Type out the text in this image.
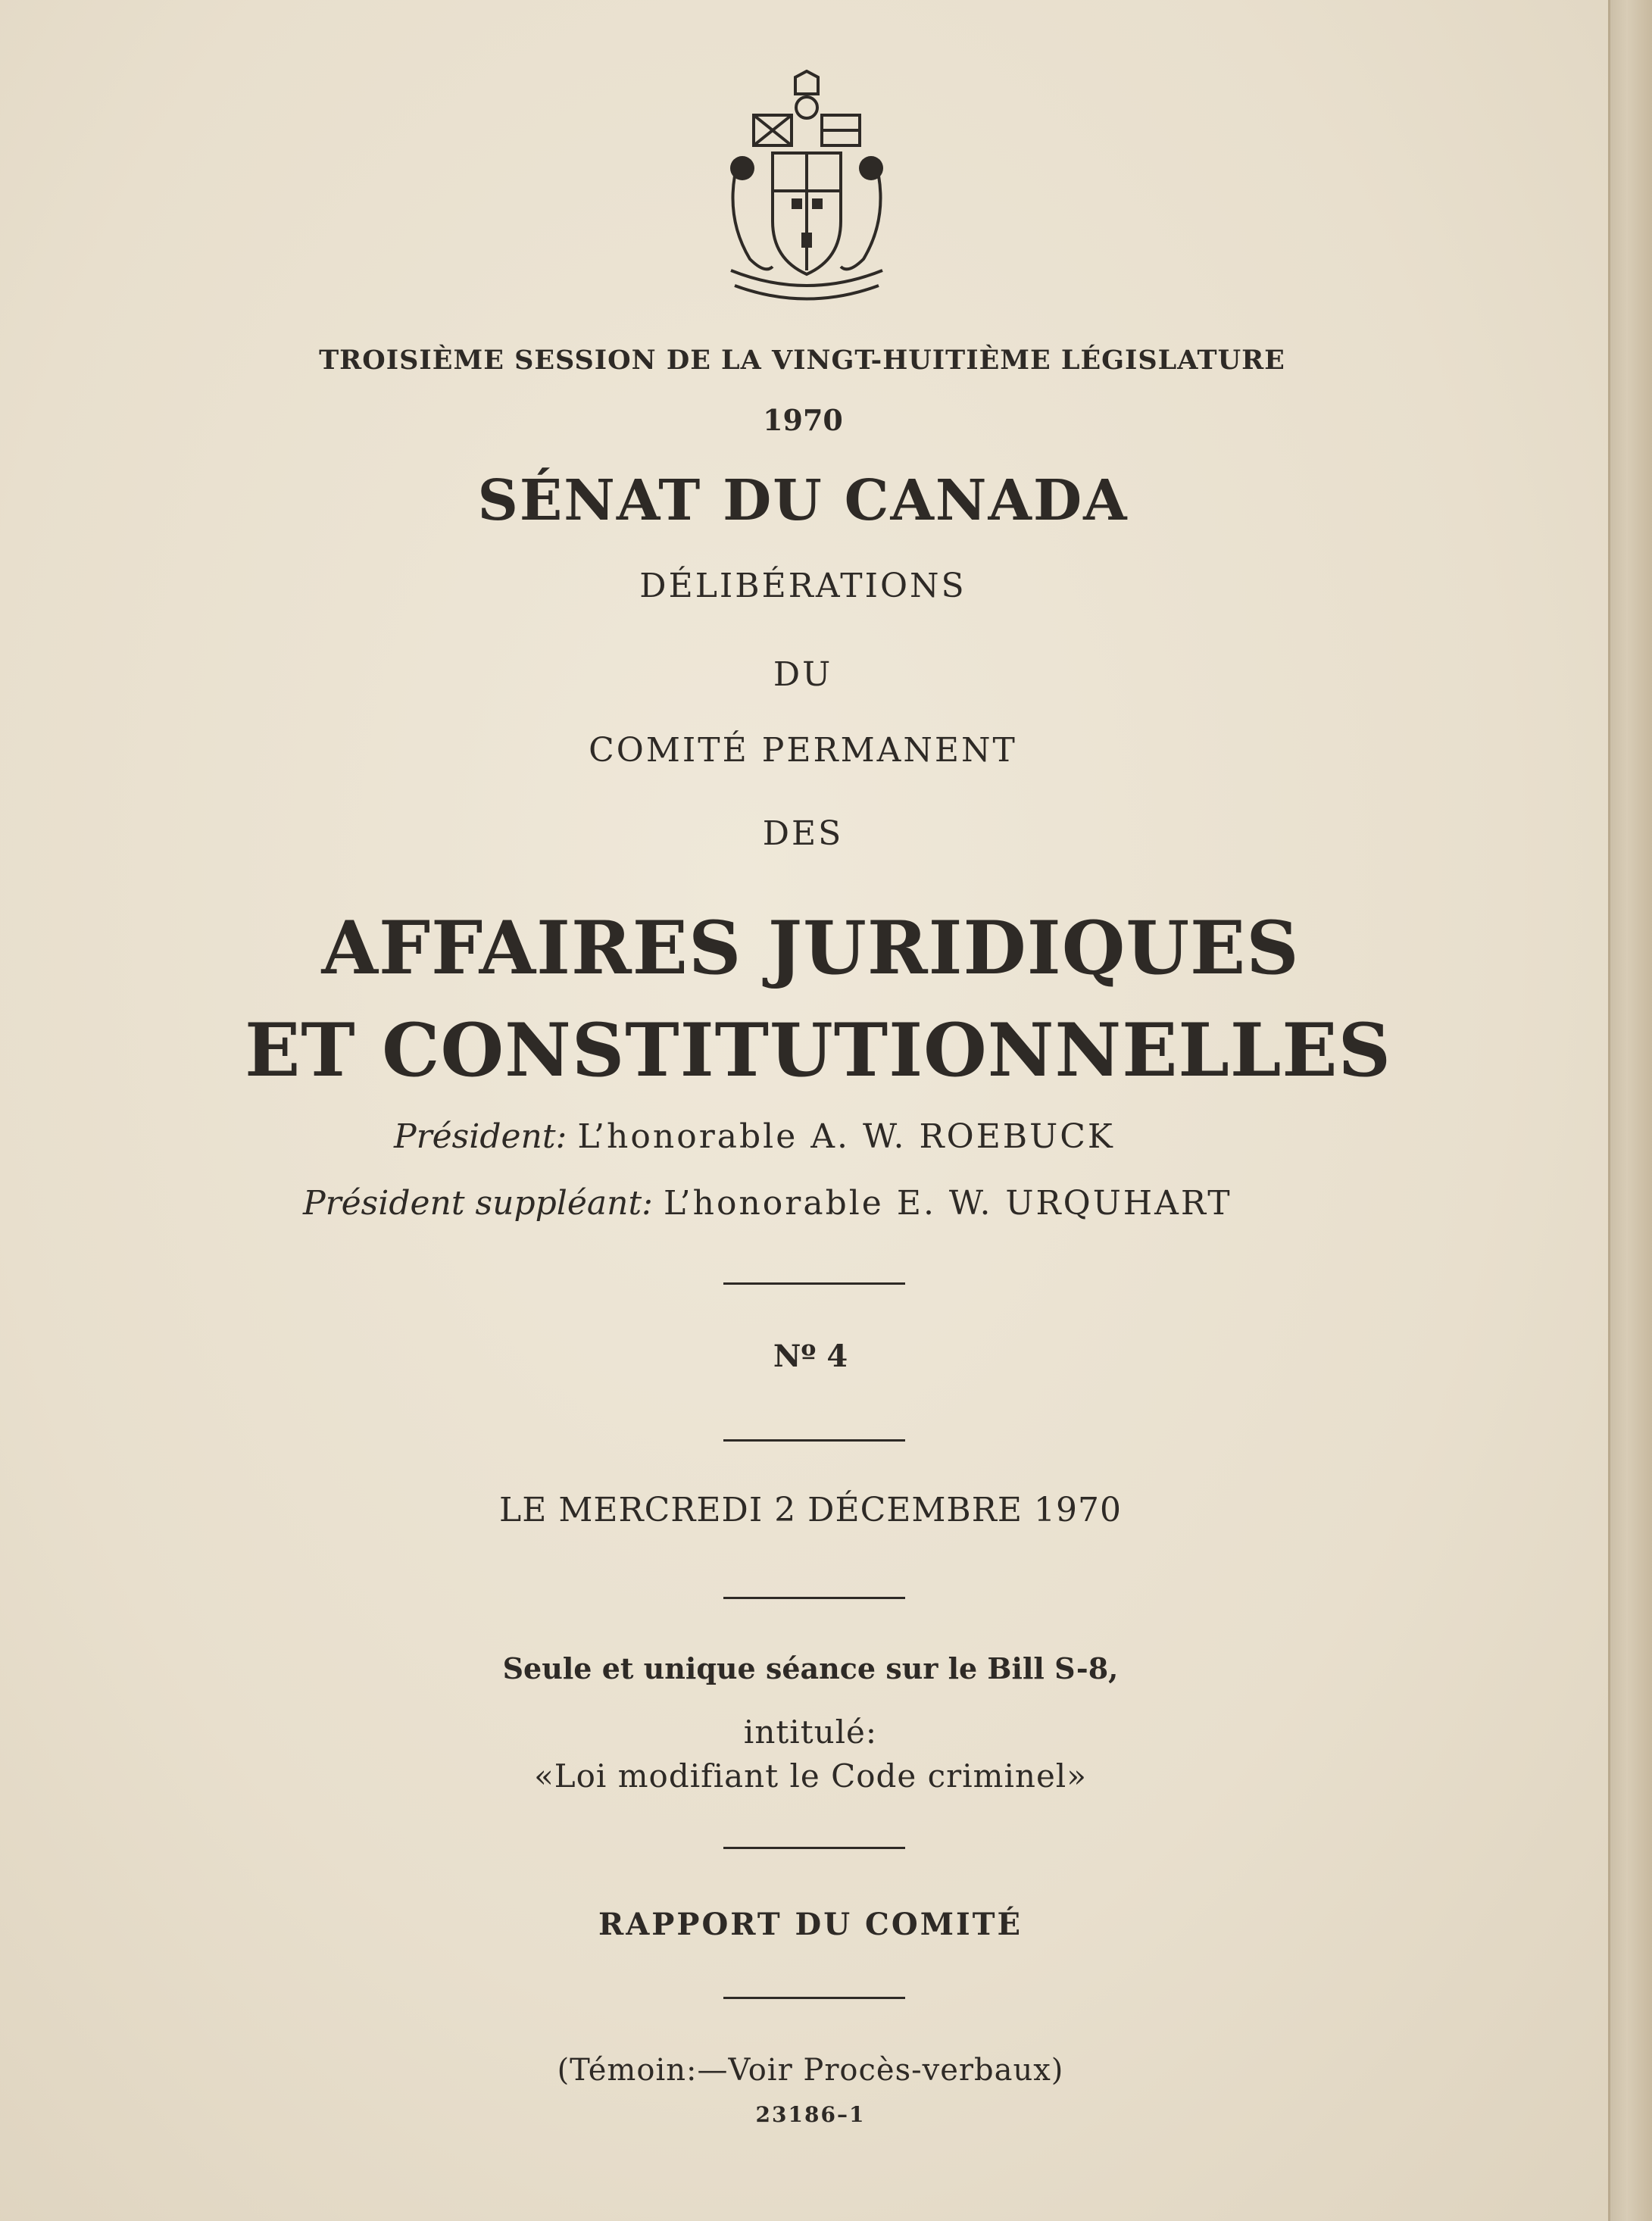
TROISIÈME SESSION DE LA VINGT-HUITIÈME LÉGISLATURE
1970
SÉNAT DU CANADA
DÉLIBÉRATIONS
DU
COMITÉ PERMANENT
DES
AFFAIRES JURIDIQUES
ET CONSTITUTIONNELLES
Président: L’honorable A. W. ROEBUCK
Président suppléant: L’honorable E. W. URQUHART
Nº 4
LE MERCREDI 2 DÉCEMBRE 1970
Seule et unique séance sur le Bill S-8,
intitulé:
«Loi modifiant le Code criminel»
RAPPORT DU COMITÉ
(Témoin:—Voir Procès-verbaux)
23186–1
